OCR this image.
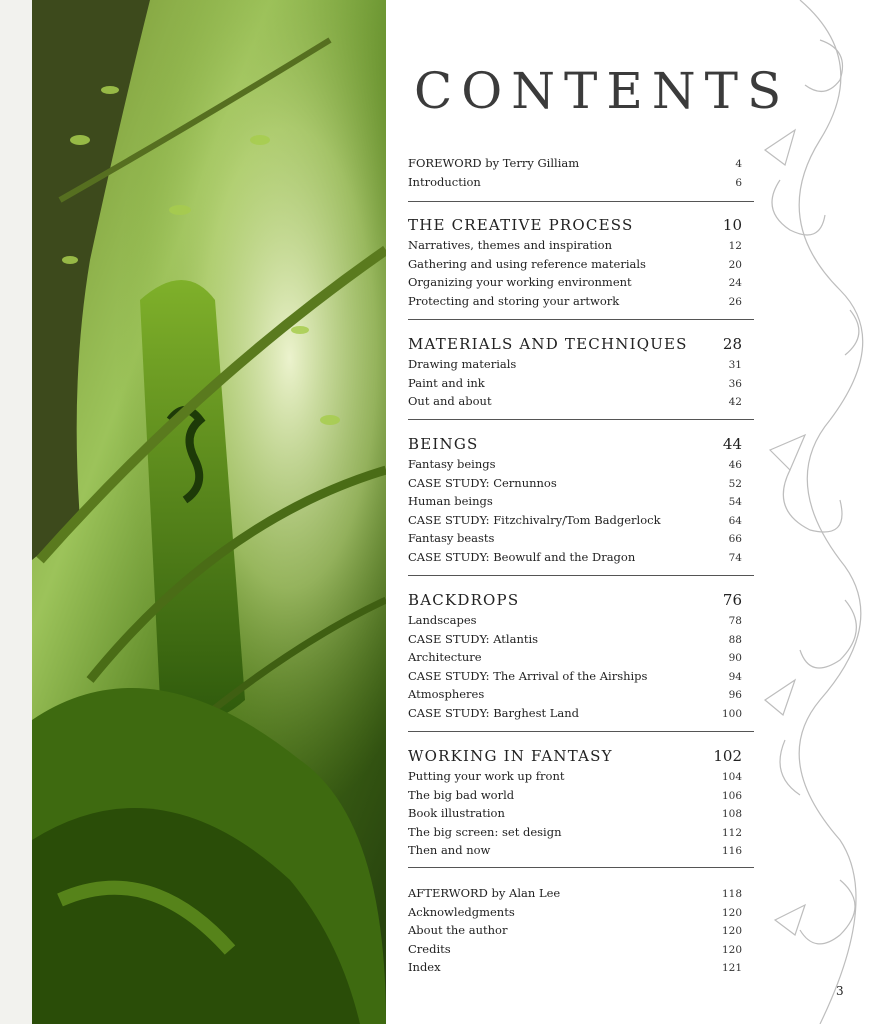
CONTENTS
FOREWORD by Terry Gilliam	4
Introduction	6
THE CREATIVE PROCESS	10
Narratives, themes and inspiration	12
Gathering and using reference materials	20
Organizing your working environment	24
Protecting and storing your artwork	26
MATERIALS AND TECHNIQUES 28
Drawing materials	31
Paint and ink	36
Out and about	42
BEINGS	44
Fantasy beings	46
CASE STUDY: Cernunnos	52
Human beings	54
CASE STUDY: Fitzchivalry/Tom Badgerlock	64
Fantasy beasts	66
CASE STUDY: Beowulf and the Dragon	74
BACKDROPS	76
Landscapes	78
CASE STUDY: Atlantis	88
Architecture	90
CASE STUDY: The Arrival of the Airships	94
Atmospheres	96
CASE STUDY: Barghest Land	100
WORKING IN FANTASY	102
Putting your work up front	104
The big bad world	106
Book illustration	108
The big screen: set design	112
Then and now	116
AFTERWORD by Alan Lee	118
Acknowledgments	120
About the author	120
Credits	120
Index	121
3
